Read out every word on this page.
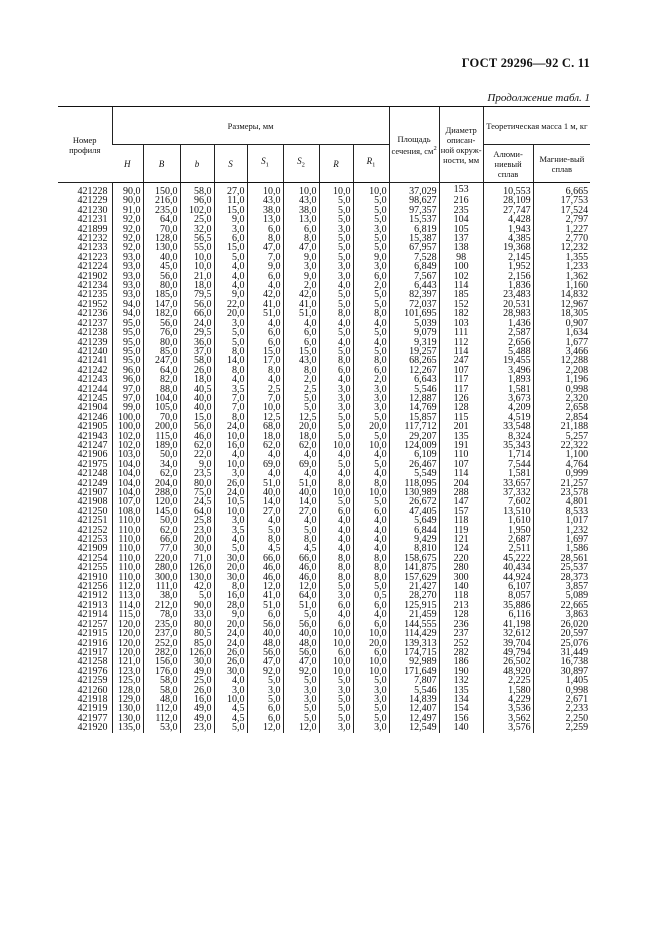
ГОСТ 29296—92 С. 11
Продолжение табл. 1
Номер профиля	Размеры, мм								Площадь сечения, $см^2$	Диаметр описан-ной окруж-ности, мм	Теоретическая масса 1 м, кг	
	H	B	b	S	$S_1$	$S_2$	R	$R_1$			Алюми-ниевый сплав	Магние-вый сплав
421228	90,0	150,0	58,0	27,0	10,0	10,0	10,0	10,0	37,029	153	10,553	6,665
421229	90,0	216,0	96,0	11,0	43,0	43,0	5,0	5,0	98,627	216	28,109	17,753
421230	91,0	235,0	102,0	15,0	38,0	38,0	5,0	5,0	97,357	235	27,747	17,524
421231	92,0	64,0	25,0	9,0	13,0	13,0	5,0	5,0	15,537	104	4,428	2,797
421899	92,0	70,0	32,0	3,0	6,0	6,0	3,0	3,0	6,819	105	1,943	1,227
421232	92,0	128,0	56,5	6,0	8,0	8,0	5,0	5,0	15,387	137	4,385	2,770
421233	92,0	130,0	55,0	15,0	47,0	47,0	5,0	5,0	67,957	138	19,368	12,232
421223	93,0	40,0	10,0	5,0	7,0	9,0	5,0	9,0	7,528	98	2,145	1,355
421224	93,0	45,0	10,0	4,0	9,0	3,0	3,0	3,0	6,849	100	1,952	1,233
421902	93,0	56,0	21,0	4,0	6,0	9,0	3,0	6,0	7,567	102	2,156	1,362
421234	93,0	80,0	18,0	4,0	4,0	2,0	4,0	2,0	6,443	114	1,836	1,160
421235	93,0	185,0	79,5	9,0	42,0	42,0	5,0	5,0	82,397	185	23,483	14,832
421952	94,0	147,0	56,0	22,0	41,0	41,0	5,0	5,0	72,037	152	20,531	12,967
421236	94,0	182,0	66,0	20,0	51,0	51,0	8,0	8,0	101,695	182	28,983	18,305
421237	95,0	56,0	24,0	3,0	4,0	4,0	4,0	4,0	5,039	103	1,436	0,907
421238	95,0	76,0	29,5	5,0	6,0	6,0	5,0	5,0	9,079	111	2,587	1,634
421239	95,0	80,0	36,0	5,0	6,0	6,0	4,0	4,0	9,319	112	2,656	1,677
421240	95,0	85,0	37,0	8,0	15,0	15,0	5,0	5,0	19,257	114	5,488	3,466
421241	95,0	247,0	58,0	14,0	17,0	43,0	8,0	8,0	68,265	247	19,455	12,288
421242	96,0	64,0	26,0	8,0	8,0	8,0	6,0	6,0	12,267	107	3,496	2,208
421243	96,0	82,0	18,0	4,0	4,0	2,0	4,0	2,0	6,643	117	1,893	1,196
421244	97,0	88,0	40,5	3,5	2,5	2,5	3,0	3,0	5,546	117	1,581	0,998
421245	97,0	104,0	40,0	7,0	7,0	5,0	3,0	3,0	12,887	126	3,673	2,320
421904	99,0	105,0	40,0	7,0	10,0	5,0	3,0	3,0	14,769	128	4,209	2,658
421246	100,0	70,0	15,0	8,0	12,5	12,5	5,0	5,0	15,857	115	4,519	2,854
421905	100,0	200,0	56,0	24,0	68,0	20,0	5,0	20,0	117,712	201	33,548	21,188
421943	102,0	115,0	46,0	10,0	18,0	18,0	5,0	5,0	29,207	135	8,324	5,257
421247	102,0	189,0	62,0	16,0	62,0	62,0	10,0	10,0	124,009	191	35,343	22,322
421906	103,0	50,0	22,0	4,0	4,0	4,0	4,0	4,0	6,109	110	1,714	1,100
421975	104,0	34,0	9,0	10,0	69,0	69,0	5,0	5,0	26,467	107	7,544	4,764
421248	104,0	62,0	23,5	3,0	4,0	4,0	4,0	4,0	5,549	114	1,581	0,999
421249	104,0	204,0	80,0	26,0	51,0	51,0	8,0	8,0	118,095	204	33,657	21,257
421907	104,0	288,0	75,0	24,0	40,0	40,0	10,0	10,0	130,989	288	37,332	23,578
421908	107,0	120,0	24,5	10,5	14,0	14,0	5,0	5,0	26,672	147	7,602	4,801
421250	108,0	145,0	64,0	10,0	27,0	27,0	6,0	6,0	47,405	157	13,510	8,533
421251	110,0	50,0	25,8	3,0	4,0	4,0	4,0	4,0	5,649	118	1,610	1,017
421252	110,0	62,0	23,0	3,5	5,0	5,0	4,0	4,0	6,844	119	1,950	1,232
421253	110,0	66,0	20,0	4,0	8,0	8,0	4,0	4,0	9,429	121	2,687	1,697
421909	110,0	77,0	30,0	5,0	4,5	4,5	4,0	4,0	8,810	124	2,511	1,586
421254	110,0	220,0	71,0	30,0	66,0	66,0	8,0	8,0	158,675	220	45,222	28,561
421255	110,0	280,0	126,0	20,0	46,0	46,0	8,0	8,0	141,875	280	40,434	25,537
421910	110,0	300,0	130,0	30,0	46,0	46,0	8,0	8,0	157,629	300	44,924	28,373
421256	112,0	111,0	42,0	8,0	12,0	12,0	5,0	5,0	21,427	140	6,107	3,857
421912	113,0	38,0	5,0	16,0	41,0	64,0	3,0	0,5	28,270	118	8,057	5,089
421913	114,0	212,0	90,0	28,0	51,0	51,0	6,0	6,0	125,915	213	35,886	22,665
421914	115,0	78,0	33,0	9,0	6,0	5,0	4,0	4,0	21,459	128	6,116	3,863
421257	120,0	235,0	80,0	20,0	56,0	56,0	6,0	6,0	144,555	236	41,198	26,020
421915	120,0	237,0	80,5	24,0	40,0	40,0	10,0	10,0	114,429	237	32,612	20,597
421916	120,0	252,0	85,0	24,0	48,0	48,0	10,0	20,0	139,313	252	39,704	25,076
421917	120,0	282,0	126,0	26,0	56,0	56,0	6,0	6,0	174,715	282	49,794	31,449
421258	121,0	156,0	30,0	26,0	47,0	47,0	10,0	10,0	92,989	186	26,502	16,738
421976	123,0	176,0	49,0	30,0	92,0	92,0	10,0	10,0	171,649	190	48,920	30,897
421259	125,0	58,0	25,0	4,0	5,0	5,0	5,0	5,0	7,807	132	2,225	1,405
421260	128,0	58,0	26,0	3,0	3,0	3,0	3,0	3,0	5,546	135	1,580	0,998
421918	129,0	48,0	16,0	10,0	5,0	3,0	5,0	3,0	14,839	134	4,229	2,671
421919	130,0	112,0	49,0	4,5	6,0	5,0	5,0	5,0	12,407	154	3,536	2,233
421977	130,0	112,0	49,0	4,5	6,0	5,0	5,0	5,0	12,497	156	3,562	2,250
421920	135,0	53,0	23,0	5,0	12,0	12,0	3,0	3,0	12,549	140	3,576	2,259
